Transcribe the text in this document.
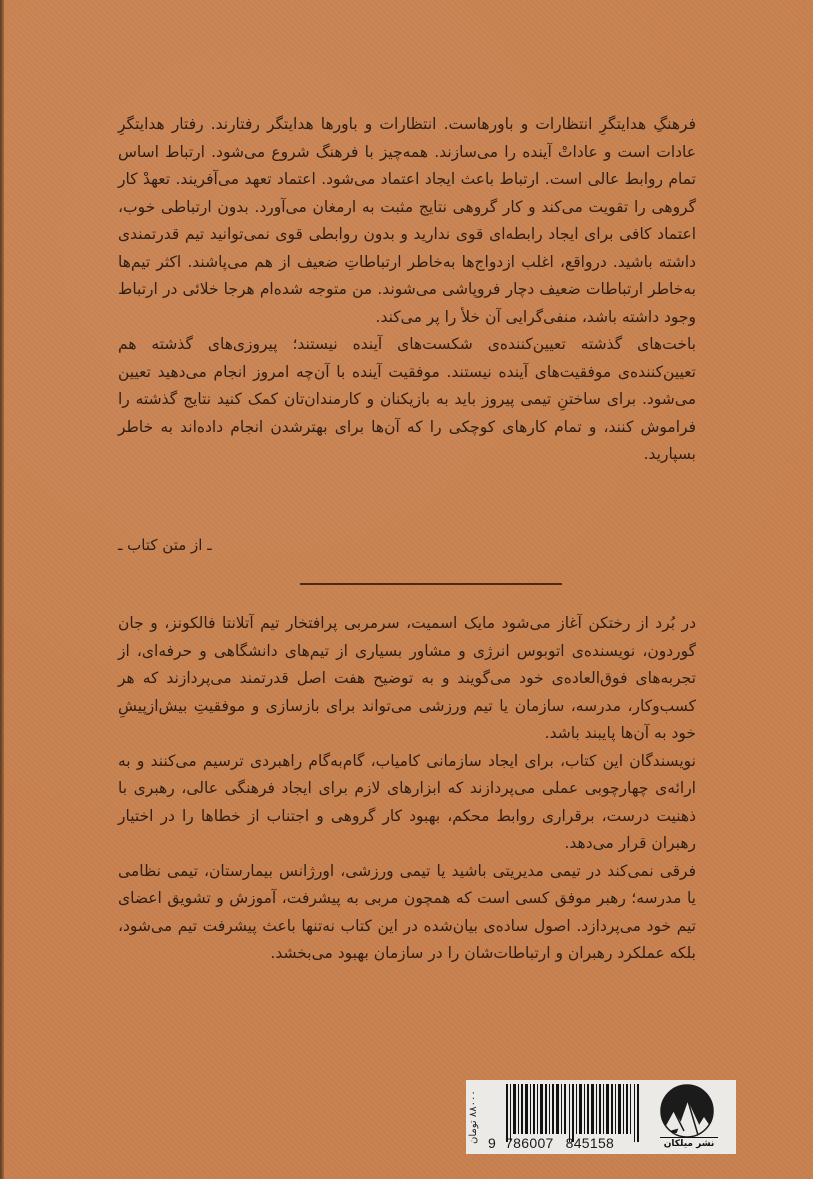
فرهنگِ هدایتگرِ انتظارات و باورهاست. انتظارات و باورها هدایتگر رفتارند. رفتار هدایتگرِ عادات است و عاداتْ آینده را می‌سازند. همه‌چیز با فرهنگ شروع می‌شود. ارتباط اساس تمام روابط عالی است. ارتباط باعث ایجاد اعتماد می‌شود. اعتماد تعهد می‌آفریند. تعهدْ کار گروهی را تقویت می‌کند و کار گروهی نتایج مثبت به ارمغان می‌آورد. بدون ارتباطی خوب، اعتماد کافی برای ایجاد رابطه‌ای قوی ندارید و بدون روابطی قوی نمی‌توانید تیم قدرتمندی داشته باشید. درواقع، اغلب ازدواج‌ها به‌خاطر ارتباطاتِ ضعیف از هم می‌پاشند. اکثر تیم‌ها به‌خاطر ارتباطات ضعیف دچار فروپاشی می‌شوند. من متوجه شده‌ام هرجا خلائی در ارتباط وجود داشته باشد، منفی‌گرایی آن خلأ را پر می‌کند.

باخت‌های گذشته تعیین‌کننده‌ی شکست‌های آینده نیستند؛ پیروزی‌های گذشته هم تعیین‌کننده‌ی موفقیت‌های آینده نیستند. موفقیت آینده با آن‌چه امروز انجام می‌دهید تعیین می‌شود. برای ساختنِ تیمی پیروز باید به بازیکنان و کارمندان‌تان کمک کنید نتایج گذشته را فراموش کنند، و تمام کارهای کوچکی را که آن‌ها برای بهترشدن انجام داده‌اند به خاطر بسپارید.

ـ از متن کتاب ـ

در بُرد از رختکن آغاز می‌شود مایک اسمیت، سرمربی پرافتخار تیم آتلانتا فالکونز، و جان گوردون، نویسنده‌ی اتوبوس انرژی و مشاور بسیاری از تیم‌های دانشگاهی و حرفه‌ای، از تجربه‌های فوق‌العاده‌ی خود می‌گویند و به توضیح هفت اصل قدرتمند می‌پردازند که هر کسب‌وکار، مدرسه، سازمان یا تیم ورزشی می‌تواند برای بازسازی و موفقیتِ بیش‌ازپیشِ خود به آن‌ها پایبند باشد.

نویسندگان این کتاب، برای ایجاد سازمانی کامیاب، گام‌به‌گام راهبردی ترسیم می‌کنند و به ارائه‌ی چهارچوبی عملی می‌پردازند که ابزارهای لازم برای ایجاد فرهنگی عالی، رهبری با ذهنیت درست، برقراری روابط محکم، بهبود کار گروهی و اجتناب از خطاها را در اختیار رهبران قرار می‌دهد.

فرقی نمی‌کند در تیمی مدیریتی باشید یا تیمی ورزشی، اورژانس بیمارستان، تیمی نظامی یا مدرسه؛ رهبر موفق کسی است که همچون مربی به پیشرفت، آموزش و تشویق اعضای تیم خود می‌پردازد. اصول ساده‌ی بیان‌شده در این کتاب نه‌تنها باعث پیشرفت تیم می‌شود، بلکه عملکرد رهبران و ارتباطات‌شان را در سازمان بهبود می‌بخشد.

۸۸۰۰۰ تومان
9 786007 845158	نشر میلکان
